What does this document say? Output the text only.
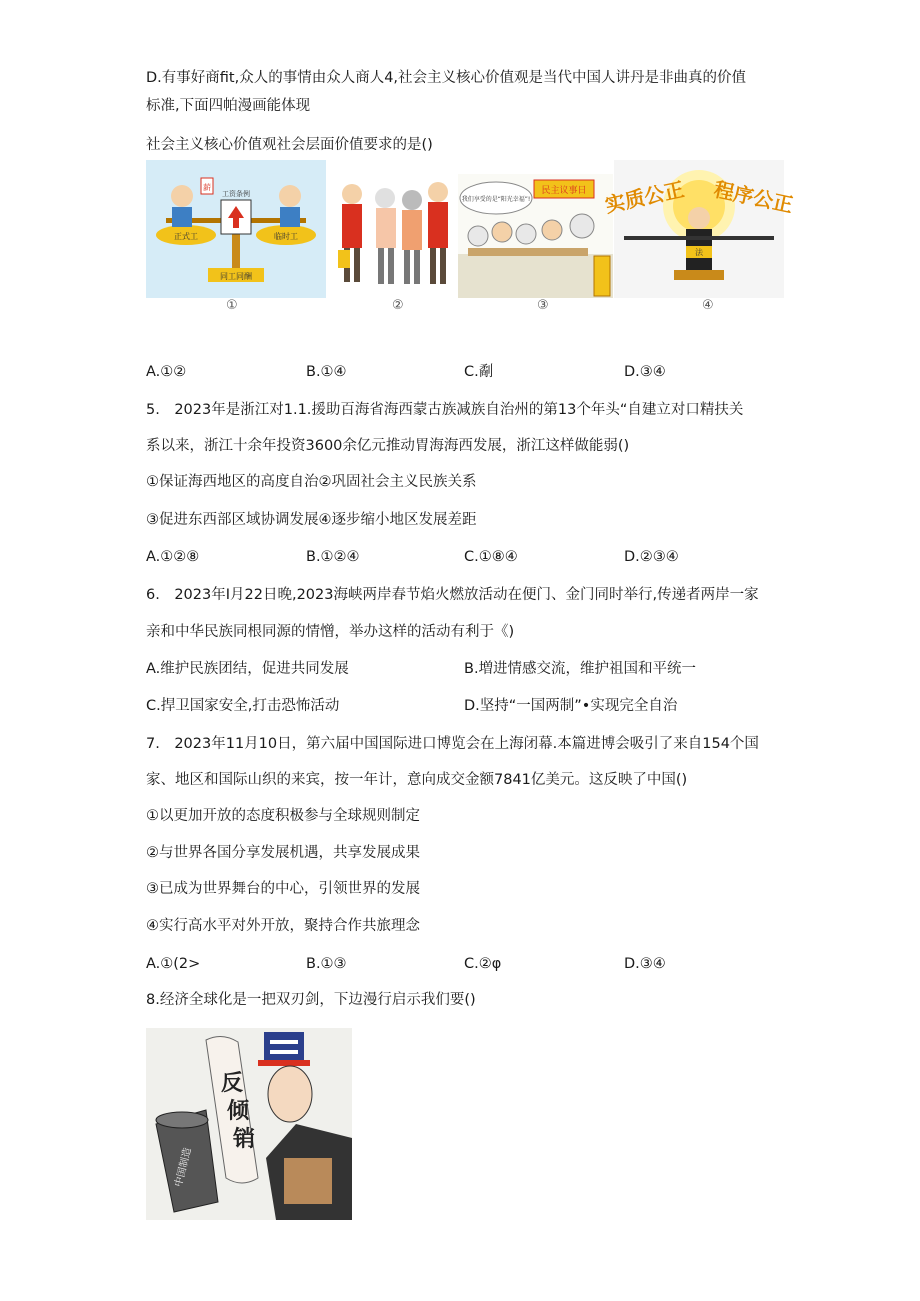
D.有事好商fit,众人的事情由众人商人4,社会主义核心价值观是当代中国人讲丹是非曲真的价值
标准,下面四帕漫画能体现
社会主义核心价值观社会层面价值要求的是()
薪
工资条例
正式工	临时工
同工同酬
民主议事日
我们享受的是“阳光幸福”!	实质公正 程序公正
法
①	②	③	④
A.①②	B.①④	C.劀	D.③④
5.　2023年是浙江对1.1.援助百海省海西蒙古族减族自治州的第13个年头“自建立对口精扶关
系以来，浙江十余年投资3600余亿元推动胃海海西发展，浙江这样做能弱()
①保证海西地区的高度自治②巩固社会主义民族关系
③促进东西部区域协调发展④逐步缩小地区发展差距
A.①②⑧	B.①②④	C.①⑧④	D.②③④
6.　2023年I月22日晚,2023海峡两岸春节焰火燃放活动在便门、金门同时举行,传递者两岸一家
亲和中华民族同根同源的情憎，举办这样的活动有利于《)
A.维护民族团结，促进共同发展	B.増进情感交流，维护祖国和平统一
C.捍卫国家安全,打击恐怖活动	D.坚持“一国两制”•实现完全自治
7.　2023年11月10日，第六届中国国际进口博览会在上海闭幕.本篇进博会吸引了来自154个国
家、地区和国际山织的来宾，按一年计，意向成交金额7841亿美元。这反映了中国()
①以更加开放的态度积极参与全球规则制定
②与世界各国分享发展机遇，共享发展成果
③已成为世界舞台的中心，引领世界的发展
④实行高水平对外开放，聚持合作共旅理念
A.①(2>	B.①③	C.②φ	D.③④
8.经济全球化是一把双刃剑，下边漫行启示我们要()
反
倾
销
中国制造
